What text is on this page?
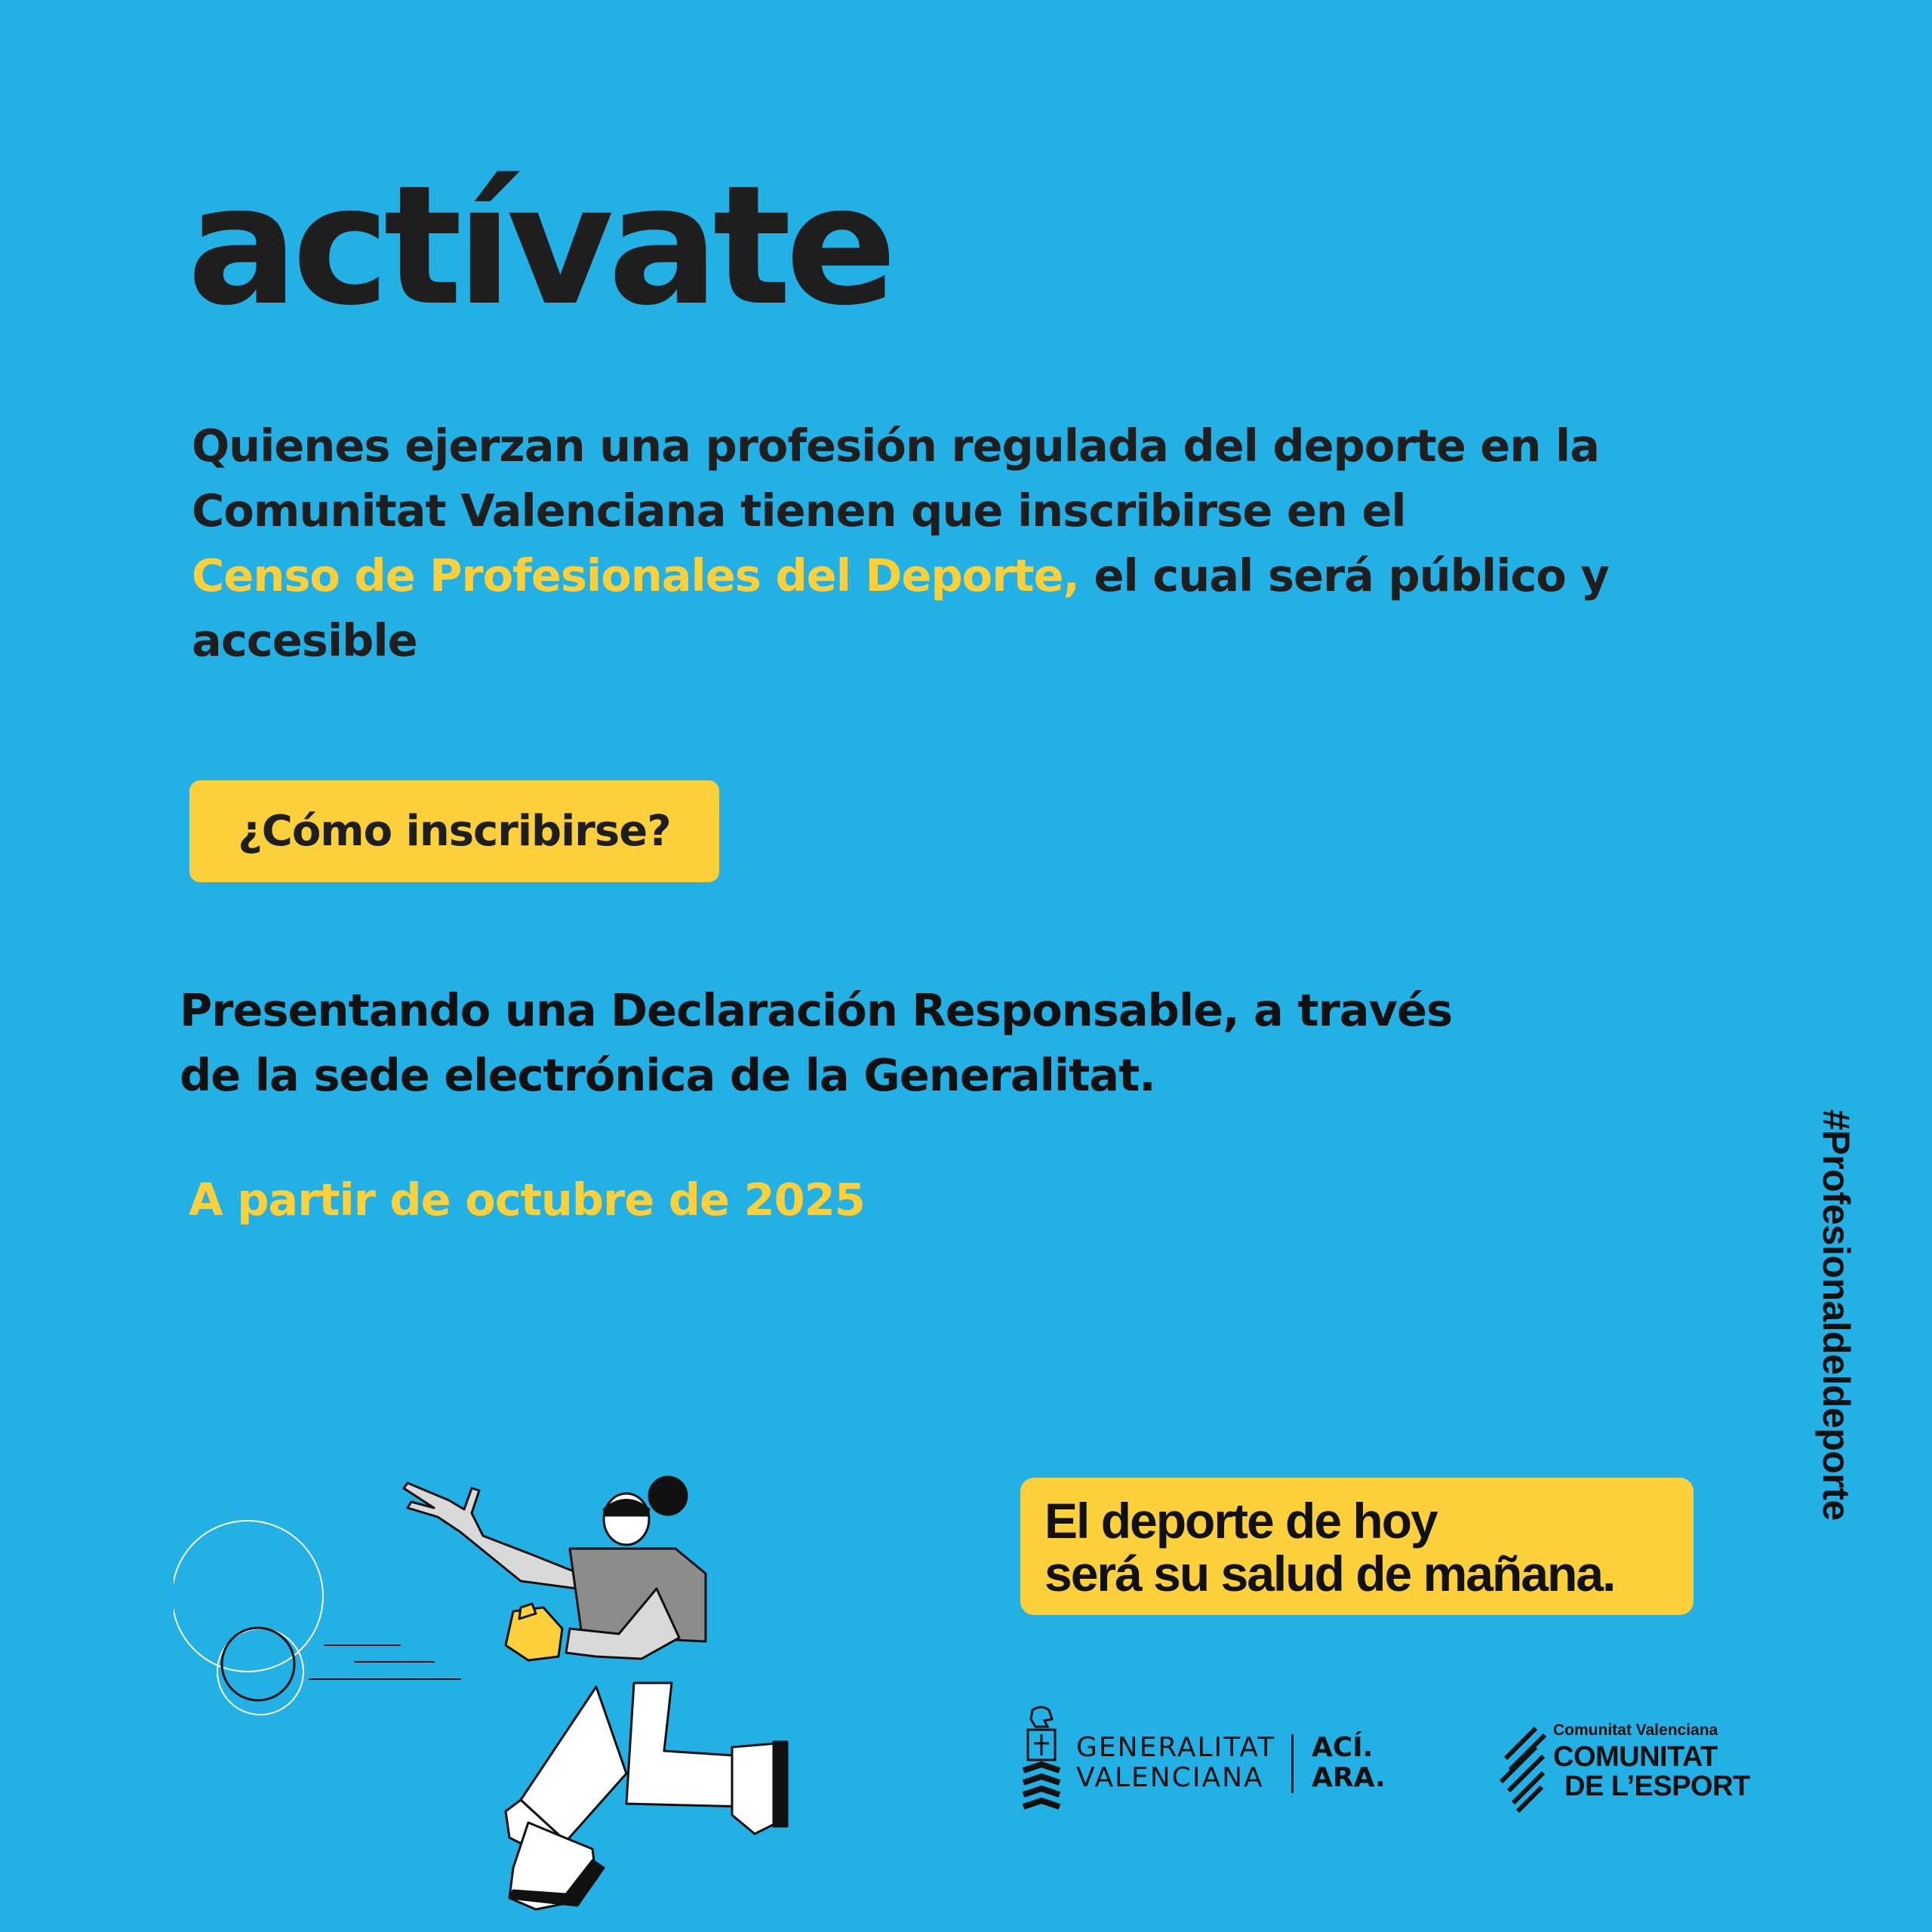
actívate

Quienes ejerzan una profesión regulada del deporte en la
Comunitat Valenciana tienen que inscribirse en el
Censo de Profesionales del Deporte, el cual será público y
accesible

¿Cómo inscribirse?

Presentando una Declaración Responsable, a través
de la sede electrónica de la Generalitat.

A partir de octubre de 2025	#Profesionaldeldeporte
El deporte de hoy
será su salud de mañana.
GENERALITAT
VALENCIANA
ACÍ.
ARA.
Comunitat Valenciana
COMUNITAT
DE L’ESPORT
